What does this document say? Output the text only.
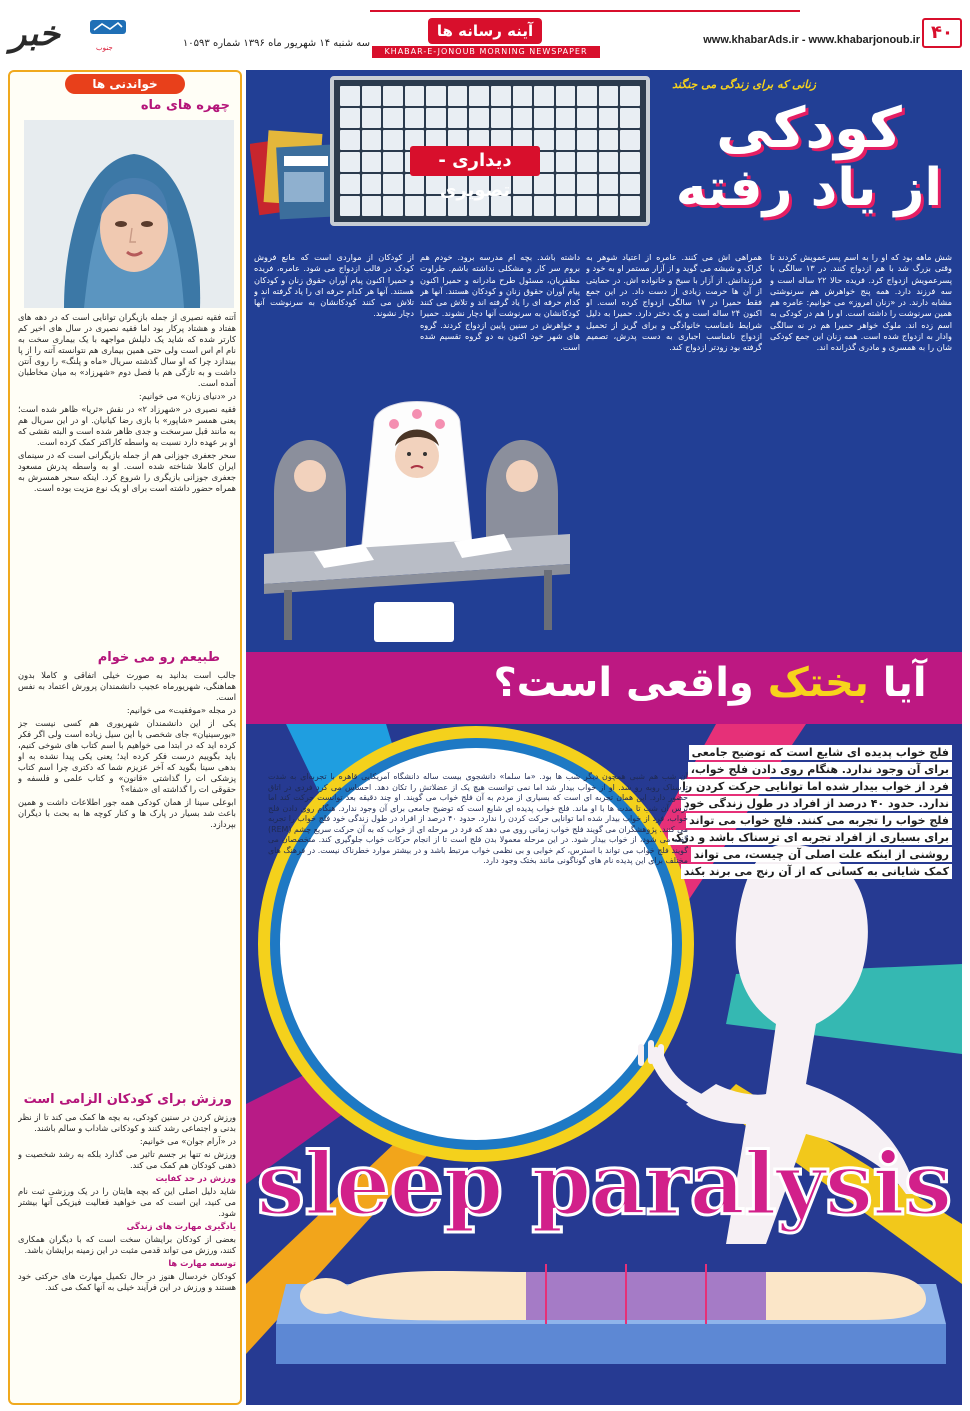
۴۰
www.khabarAds.ir - www.khabarjonoub.ir
آینه رسانه ها
KHABAR-E-JONOUB MORNING NEWSPAPER
سه شنبه ۱۴ شهریور ماه ۱۳۹۶ شماره ۱۰۵۹۳
خبر	جنوب
خواندنی ها
چهره های ماه

آتنه فقیه نصیری از جمله بازیگران توانایی است که در دهه های هفتاد و هشتاد پرکار بود اما فقیه نصیری در سال های اخیر کم کارتر شده که شاید یک دلیلش مواجهه با یک بیماری سخت به نام ام اس است ولی حتی همین بیماری هم نتوانسته آتنه را از پا بیندازد چرا که او سال گذشته سریال «ماه و پلنگ» را روی آنتن داشت و به تازگی هم با فصل دوم «شهرزاد» به میان مخاطبان آمده است.

در «دنیای زنان» می خوانیم:

فقیه نصیری در «شهرزاد ۲» در نقش «ثریا» ظاهر شده است؛ یعنی همسر «شاپور» با بازی رضا کیانیان. او در این سریال هم به مانند قبل سرسخت و جدی ظاهر شده است و البته نقشی که او بر عهده دارد نسبت به واسطه کاراکتر کمک کرده است.

سحر جعفری جوزانی هم از جمله بازیگرانی است که در سینمای ایران کاملا شناخته شده است. او به واسطه پدرش مسعود جعفری جوزانی بازیگری را شروع کرد. اینکه سحر همسرش به همراه حضور داشته است برای او یک نوع مزیت بوده است.

طبیعم رو می خوام

جالب است بدانید به صورت خیلی اتفاقی و کاملا بدون هماهنگی، شهریورماه عجیب دانشمندان پرورش اعتماد به نفس است.

در مجله «موفقیت» می خوانیم:

یکی از این دانشمندان شهریوری هم کسی نیست جز «بورسینیان» جای شخصی با این سیل زیاده است ولی اگر فکر کرده اید که در ابتدا می خواهیم با اسم کتاب های شوخی کنیم، باید بگوییم درست فکر کرده اید؛ یعنی یکی پیدا نشده به او بدهی سینا بگوید که آخر عزیزم شما که دکتری چرا اسم کتاب پزشکی ات را گذاشتی «قانون» و کتاب علمی و فلسفه و حقوقی ات را گذاشته ای «شفا»؟

ابوعلی سینا از همان کودکی همه جور اطلاعات داشت و همین باعث شد بسیار در پارک ها و کنار کوچه ها به بحث با دیگران بپردازد.

ورزش برای کودکان الزامی است

ورزش کردن در سنین کودکی، به بچه ها کمک می کند تا از نظر بدنی و اجتماعی رشد کنند و کودکانی شاداب و سالم باشند.

در «آرام جوان» می خوانیم:

ورزش نه تنها بر جسم تاثیر می گذارد بلکه به رشد شخصیت و ذهنی کودکان هم کمک می کند.

ورزش در حد کفایت

شاید دلیل اصلی این که بچه هایتان را در یک ورزشی ثبت نام می کنید، این است که می خواهید فعالیت فیزیکی آنها بیشتر شود.

یادگیری مهارت های زندگی

بعضی از کودکان برایشان سخت است که با دیگران همکاری کنند، ورزش می تواند قدمی مثبت در این زمینه برایشان باشد.

توسعه مهارت ها

کودکان خردسال هنوز در حال تکمیل مهارت های حرکتی خود هستند و ورزش در این فرآیند خیلی به آنها کمک می کند.

دیداری - تصویری
زنانی که برای زندگی می جنگند
کودکی
از یاد رفته
شش ماهه بود که او را به اسم پسرعمویش کردند تا وقتی بزرگ شد با هم ازدواج کنند. در ۱۳ سالگی با پسرعمویش ازدواج کرد. فریده حالا ۲۲ ساله است و سه فرزند دارد. همه پنج خواهرش هم سرنوشتی مشابه دارند. در «زنان امروز» می خوانیم: عامره هم همین سرنوشت را داشته است. او را هم در کودکی به اسم زده اند. ملوک خواهر حمیرا هم در نه سالگی وادار به ازدواج شده است. همه زنان این جمع کودکی شان را به همسری و مادری گذرانده اند.
همراهی اش می کنند. عامره از اعتیاد شوهر به کراک و شیشه می گوید و از آزار مستمر او به خود و فرزندانش. از آزار با سیخ و خانواده اش. در حمایتی از آن ها حرمت زیادی از دست داد. در این جمع فقط حمیرا در ۱۷ سالگی ازدواج کرده است. او اکنون ۲۴ ساله است و یک دختر دارد. حمیرا به دلیل شرایط نامناسب خانوادگی و برای گریز از تحمیل ازدواج نامناسب اجباری به دست پدرش، تصمیم گرفته بود زودتر ازدواج کند.
داشته باشد. بچه ام مدرسه برود. خودم هم بروم سر کار و مشکلی نداشته باشم. طراوت مظفریان، مسئول طرح مادرانه و حمیرا اکنون پیام آوران حقوق زنان و کودکان هستند. آنها هر کدام حرفه ای را یاد گرفته اند و تلاش می کنند کودکانشان به سرنوشت آنها دچار نشوند. حمیرا و خواهرش در سنین پایین ازدواج کردند. گروه های شهر خود اکنون به دو گروه تقسیم شده است.
از کودکان از مواردی است که مانع فروش کودک در قالب ازدواج می شود. عامره، فریده و حمیرا اکنون پیام آوران حقوق زنان و کودکان هستند. آنها هر کدام حرفه ای را یاد گرفته اند و تلاش می کنند کودکانشان به سرنوشت آنها دچار نشوند.
آیا بختک واقعی است؟
فلج خواب پدیده ای شایع است که توضیح جامعی برای آن وجود ندارد. هنگام روی دادن فلج خواب، فرد از خواب بیدار شده اما توانایی حرکت کردن را ندارد. حدود ۴۰ درصد از افراد در طول زندگی خود فلج خواب را تجربه می کنند. فلج خواب می تواند برای بسیاری از افراد تجربه ای ترسناک باشد و درک روشنی از اینکه علت اصلی آن چیست، می تواند کمک شایانی به کسانی که از آن رنج می برند بکند
آن شب هم شبی همچون دیگر شب ها بود. «ما سلما» دانشجوی بیست ساله دانشگاه آمریکایی قاهره با تجربه‌ای به شدت ترسناک روبه رو شد. او از خواب بیدار شد اما نمی توانست هیچ یک از عضلاتش را تکان دهد. احساس می کرد فردی در اتاق حضور دارد. این همان تجربه ای است که بسیاری از مردم به آن فلج خواب می گویند. او چند دقیقه بعد توانست حرکت کند اما ترس آن شب تا مدت ها با او ماند. فلج خواب پدیده ای شایع است که توضیح جامعی برای آن وجود ندارد. هنگام روی دادن فلج خواب، فرد از خواب بیدار شده اما توانایی حرکت کردن را ندارد. حدود ۴۰ درصد از افراد در طول زندگی خود فلج خواب را تجربه می کنند. پژوهشگران می گویند فلج خواب زمانی روی می دهد که فرد در مرحله ای از خواب که به آن حرکت سریع چشم (REM) گفته می شود، از خواب بیدار شود. در این مرحله معمولا بدن فلج است تا از انجام حرکات خواب جلوگیری کند. متخصصان می گویند فلج خواب می تواند با استرس، کم خوابی و بی نظمی خواب مرتبط باشد و در بیشتر موارد خطرناک نیست. در فرهنگ های مختلف برای این پدیده نام های گوناگونی مانند بختک وجود دارد.
sleep paralysis
